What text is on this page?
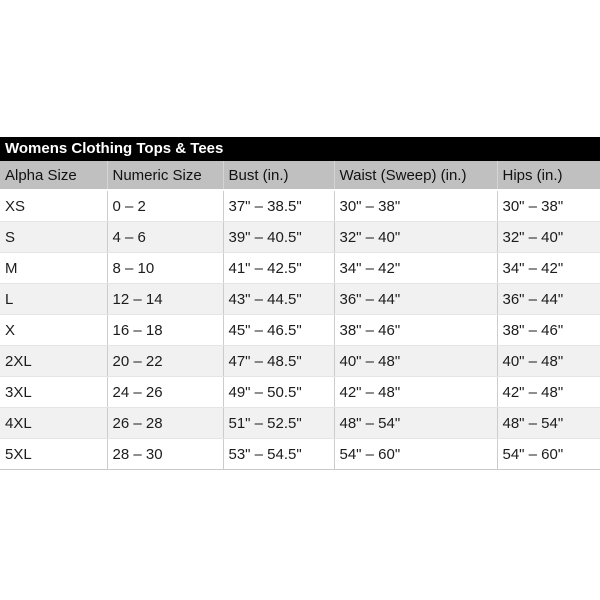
Womens Clothing Tops & Tees
Alpha Size	Numeric Size	Bust (in.)	Waist (Sweep) (in.)	Hips (in.)
XS	0 – 2	37" – 38.5"	30" – 38"	30" – 38"
S	4 – 6	39" – 40.5"	32" – 40"	32" – 40"
M	8 – 10	41" – 42.5"	34" – 42"	34" – 42"
L	12 – 14	43" – 44.5"	36" – 44"	36" – 44"
X	16 – 18	45" – 46.5"	38" – 46"	38" – 46"
2XL	20 – 22	47" – 48.5"	40" – 48"	40" – 48"
3XL	24 – 26	49" – 50.5"	42" – 48"	42" – 48"
4XL	26 – 28	51" – 52.5"	48" – 54"	48" – 54"
5XL	28 – 30	53" – 54.5"	54" – 60"	54" – 60"
